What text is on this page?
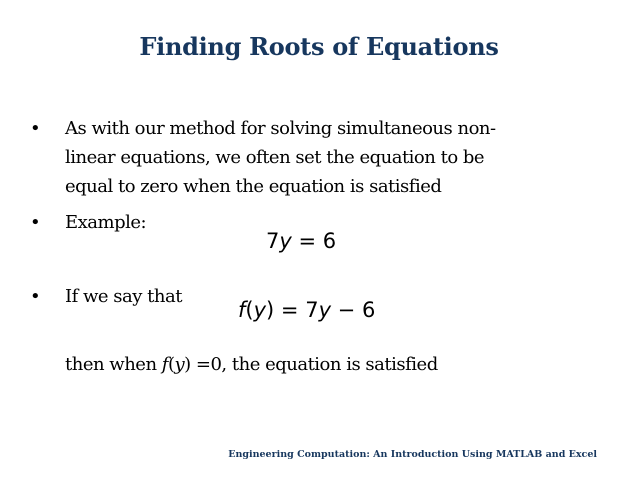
Finding Roots of Equations
•	As with our method for solving simultaneous non-
linear equations, we often set the equation to be
equal to zero when the equation is satisfied
•	Example:
7y = 6
•	If we say that
f(y) = 7y − 6
then when f(y) =0, the equation is satisfied
Engineering Computation: An Introduction Using MATLAB and Excel
